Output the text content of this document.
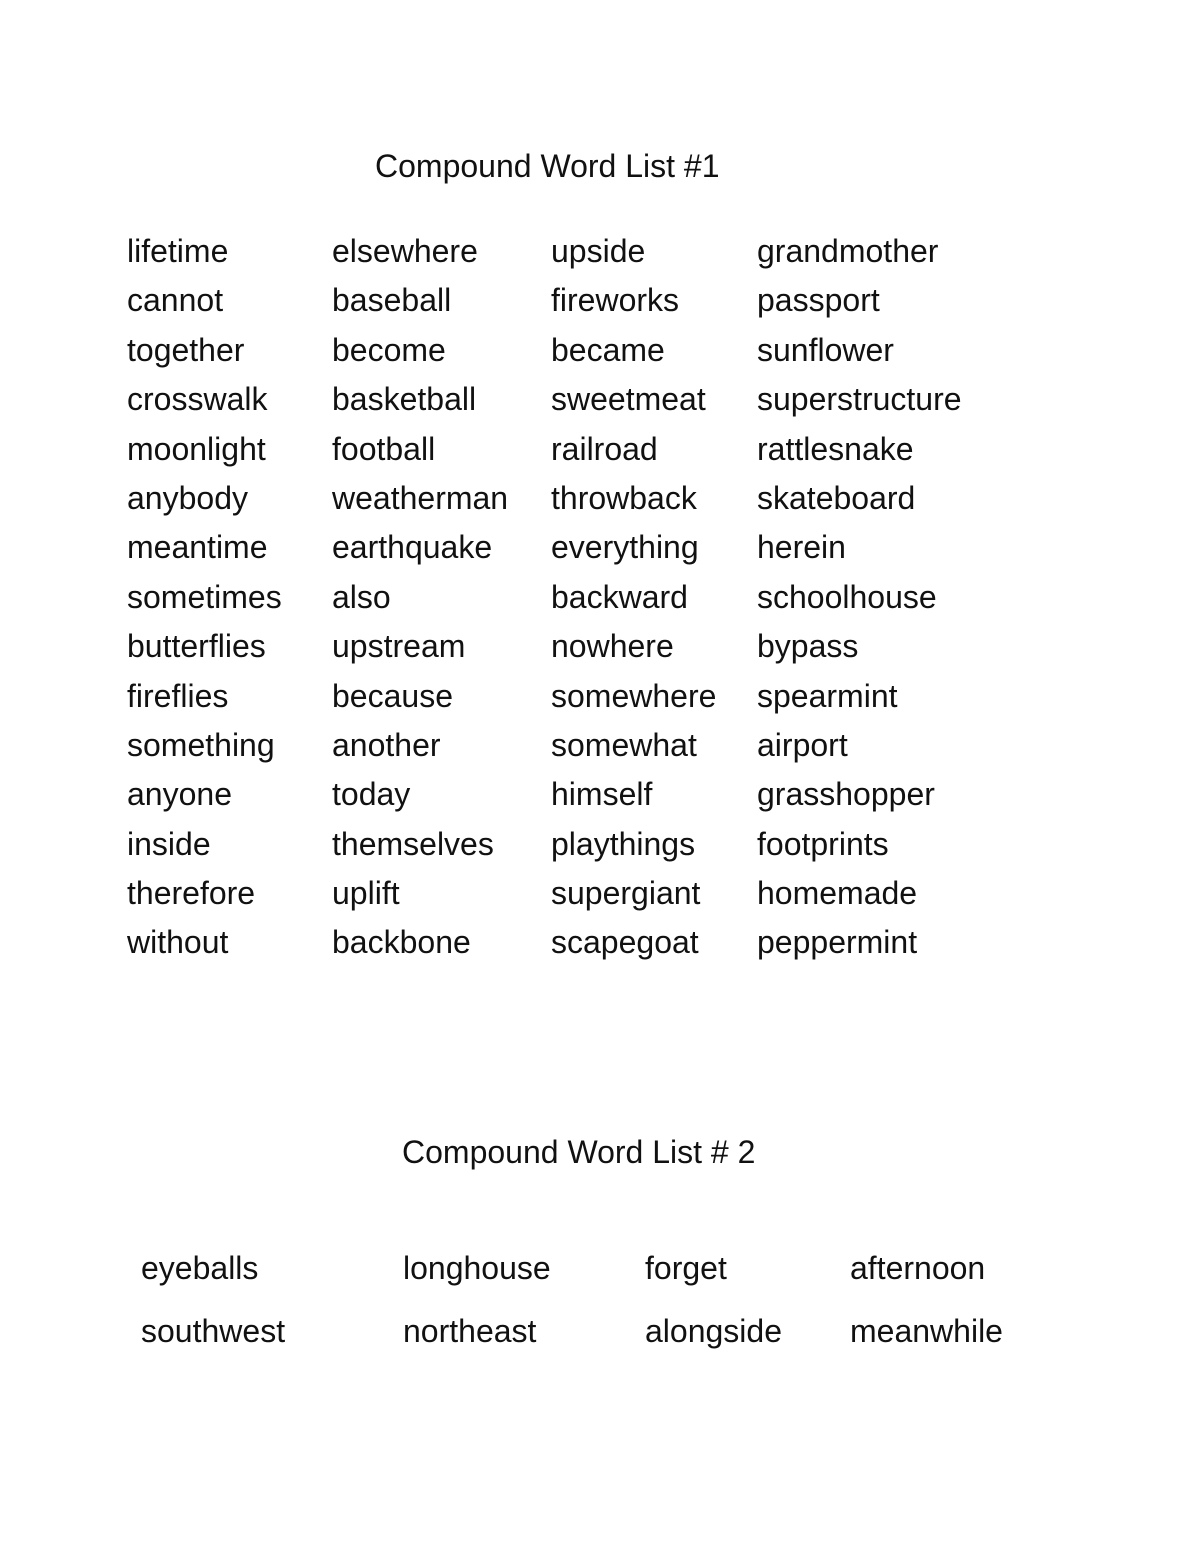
Compound Word List #1
lifetime
cannot
together
crosswalk
moonlight
anybody
meantime
sometimes
butterflies
fireflies
something
anyone
inside
therefore
without
elsewhere
baseball
become
basketball
football
weatherman
earthquake
also
upstream
because
another
today
themselves
uplift
backbone
upside
fireworks
became
sweetmeat
railroad
throwback
everything
backward
nowhere
somewhere
somewhat
himself
playthings
supergiant
scapegoat
grandmother
passport
sunflower
superstructure
rattlesnake
skateboard
herein
schoolhouse
bypass
spearmint
airport
grasshopper
footprints
homemade
peppermint
Compound Word List # 2
eyeballs
southwest
longhouse
northeast
forget
alongside
afternoon
meanwhile
